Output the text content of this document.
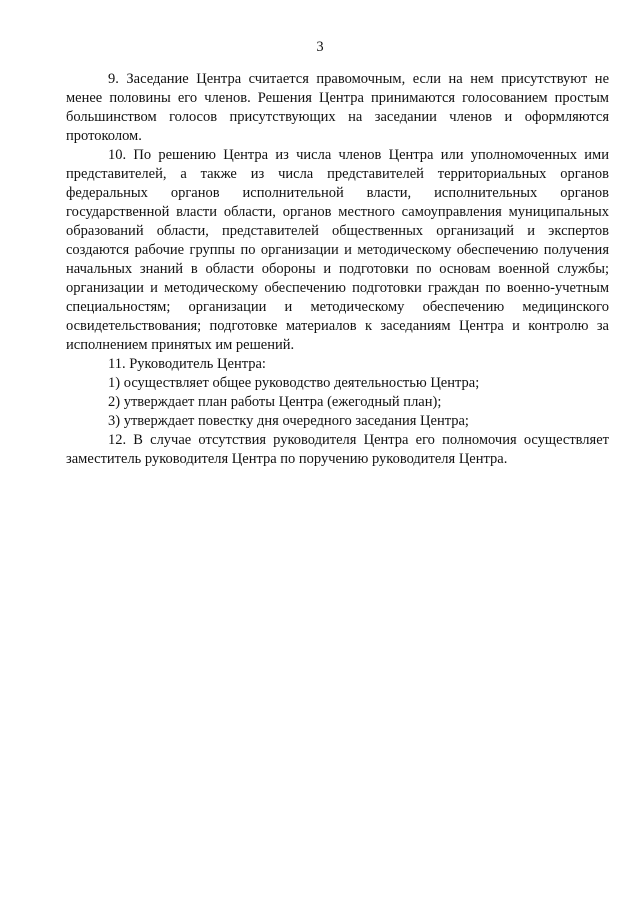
3

9. Заседание Центра считается правомочным, если на нем присутствуют не менее половины его членов. Решения Центра принимаются голосованием простым большинством голосов присутствующих на заседании членов и оформляются протоколом.

10. По решению Центра из числа членов Центра или уполномоченных ими представителей, а также из числа представителей территориальных органов федеральных органов исполнительной власти, исполнительных органов государственной власти области, органов местного самоуправления муниципальных образований области, представителей общественных организаций и экспертов создаются рабочие группы по организации и методическому обеспечению получения начальных знаний в области обороны и подготовки по основам военной службы; организации и методическому обеспечению подготовки граждан по военно-учетным специальностям; организации и методическому обеспечению медицинского освидетельствования; подготовке материалов к заседаниям Центра и контролю за исполнением принятых им решений.

11. Руководитель Центра:

1) осуществляет общее руководство деятельностью Центра;

2) утверждает план работы Центра (ежегодный план);

3) утверждает повестку дня очередного заседания Центра;

12. В случае отсутствия руководителя Центра его полномочия осуществляет заместитель руководителя Центра по поручению руководителя Центра.
